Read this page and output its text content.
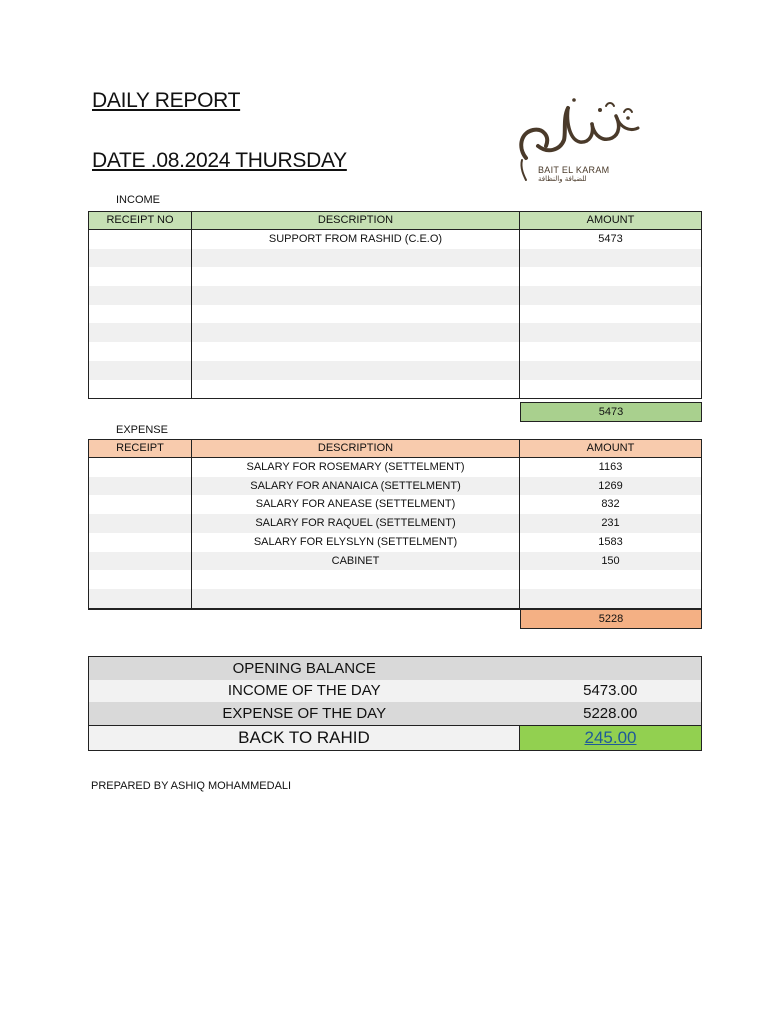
DAILY REPORT
DATE .08.2024 THURSDAY	BAIT EL KARAM
للضيافة والنظافة
INCOME
RECEIPT NO	DESCRIPTION	AMOUNT
	SUPPORT FROM RASHID (C.E.O)	5473

5473
EXPENSE
RECEIPT	DESCRIPTION	AMOUNT
	SALARY FOR ROSEMARY (SETTELMENT)	1163
	SALARY FOR ANANAICA (SETTELMENT)	1269
	SALARY FOR ANEASE (SETTELMENT)	832
	SALARY FOR RAQUEL (SETTELMENT)	231
	SALARY FOR ELYSLYN (SETTELMENT)	1583
	CABINET	150

5228
OPENING BALANCE	
INCOME OF THE DAY	5473.00
EXPENSE OF THE DAY	5228.00
BACK TO RAHID	245.00
PREPARED BY ASHIQ MOHAMMEDALI
